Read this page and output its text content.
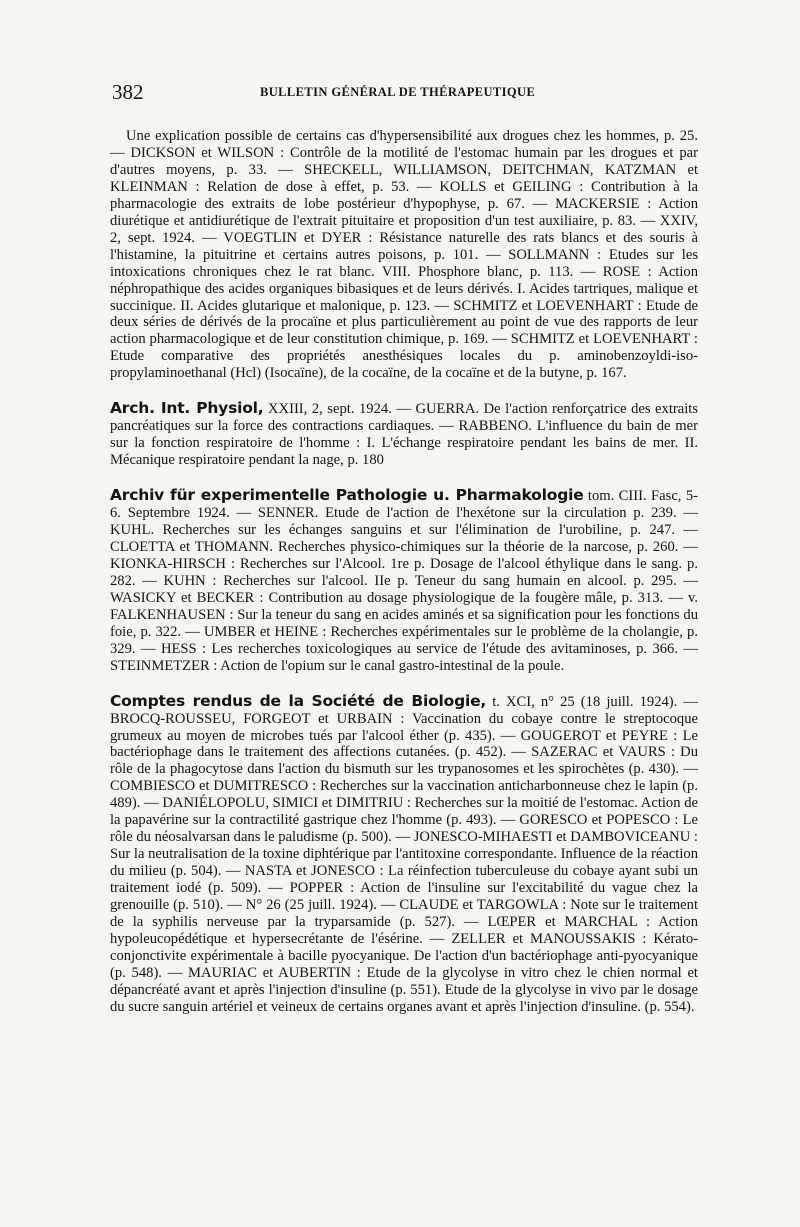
382	BULLETIN GÉNÉRAL DE THÉRAPEUTIQUE

Une explication possible de certains cas d'hypersensibilité aux drogues chez les hommes, p. 25. — DICKSON et WILSON : Contrôle de la motilité de l'estomac humain par les drogues et par d'autres moyens, p. 33. — SHECKELL, WILLIAMSON, DEITCHMAN, KATZMAN et KLEINMAN : Relation de dose à effet, p. 53. — KOLLS et GEILING : Contribution à la pharmacologie des extraits de lobe postérieur d'hypophyse, p. 67. — MACKERSIE : Action diurétique et antidiurétique de l'extrait pituitaire et proposition d'un test auxiliaire, p. 83. — XXIV, 2, sept. 1924. — VOEGTLIN et DYER : Résistance naturelle des rats blancs et des souris à l'histamine, la pituitrine et certains autres poisons, p. 101. — SOLLMANN : Etudes sur les intoxications chroniques chez le rat blanc. VIII. Phosphore blanc, p. 113. — ROSE : Action néphropathique des acides organiques bibasiques et de leurs dérivés. I. Acides tartriques, malique et succinique. II. Acides glutarique et malonique, p. 123. — SCHMITZ et LOEVENHART : Etude de deux séries de dérivés de la procaïne et plus particulièrement au point de vue des rapports de leur action pharmacologique et de leur constitution chimique, p. 169. — SCHMITZ et LOEVENHART : Etude comparative des propriétés anesthésiques locales du p. aminobenzoyldi-iso-propylaminoethanal (Hcl) (Isocaïne), de la cocaïne, de la cocaïne et de la butyne, p. 167.

Arch. Int. Physiol, XXIII, 2, sept. 1924. — GUERRA. De l'action renforçatrice des extraits pancréatiques sur la force des contractions cardiaques. — RABBENO. L'influence du bain de mer sur la fonction respiratoire de l'homme : I. L'échange respiratoire pendant les bains de mer. II. Mécanique respiratoire pendant la nage, p. 180

Archiv für experimentelle Pathologie u. Pharmakologie tom. CIII. Fasc, 5-6. Septembre 1924. — SENNER. Etude de l'action de l'hexétone sur la circulation p. 239. — KUHL. Recherches sur les échanges sanguins et sur l'élimination de l'urobiline, p. 247. — CLOETTA et THOMANN. Recherches physico-chimiques sur la théorie de la narcose, p. 260. — KIONKA-HIRSCH : Recherches sur l'Alcool. 1re p. Dosage de l'alcool éthylique dans le sang. p. 282. — KUHN : Recherches sur l'alcool. IIe p. Teneur du sang humain en alcool. p. 295. — WASICKY et BECKER : Contribution au dosage physiologique de la fougère mâle, p. 313. — v. FALKENHAUSEN : Sur la teneur du sang en acides aminés et sa signification pour les fonctions du foie, p. 322. — UMBER et HEINE : Recherches expérimentales sur le problème de la cholangie, p. 329. — HESS : Les recherches toxicologiques au service de l'étude des avitaminoses, p. 366. — STEINMETZER : Action de l'opium sur le canal gastro-intestinal de la poule.

Comptes rendus de la Société de Biologie, t. XCI, n° 25 (18 juill. 1924). — BROCQ-ROUSSEU, FORGEOT et URBAIN : Vaccination du cobaye contre le streptocoque grumeux au moyen de microbes tués par l'alcool éther (p. 435). — GOUGEROT et PEYRE : Le bactériophage dans le traitement des affections cutanées. (p. 452). — SAZERAC et VAURS : Du rôle de la phagocytose dans l'action du bismuth sur les trypanosomes et les spirochètes (p. 430). — COMBIESCO et DUMITRESCO : Recherches sur la vaccination anticharbonneuse chez le lapin (p. 489). — DANIÉLOPOLU, SIMICI et DIMITRIU : Recherches sur la moitié de l'estomac. Action de la papavérine sur la contractilité gastrique chez l'homme (p. 493). — GORESCO et POPESCO : Le rôle du néosalvarsan dans le paludisme (p. 500). — JONESCO-MIHAESTI et DAMBOVICEANU : Sur la neutralisation de la toxine diphtérique par l'antitoxine correspondante. Influence de la réaction du milieu (p. 504). — NASTA et JONESCO : La réinfection tuberculeuse du cobaye ayant subi un traitement iodé (p. 509). — POPPER : Action de l'insuline sur l'excitabilité du vague chez la grenouille (p. 510). — N° 26 (25 juill. 1924). — CLAUDE et TARGOWLA : Note sur le traitement de la syphilis nerveuse par la tryparsamide (p. 527). — LŒPER et MARCHAL : Action hypoleucopédétique et hypersecrétante de l'ésérine. — ZELLER et MANOUSSAKIS : Kérato-conjonctivite expérimentale à bacille pyocyanique. De l'action d'un bactériophage anti-pyocyanique (p. 548). — MAURIAC et AUBERTIN : Etude de la glycolyse in vitro chez le chien normal et dépancréaté avant et après l'injection d'insuline (p. 551). Etude de la glycolyse in vivo par le dosage du sucre sanguin artériel et veineux de certains organes avant et après l'injection d'insuline. (p. 554).
